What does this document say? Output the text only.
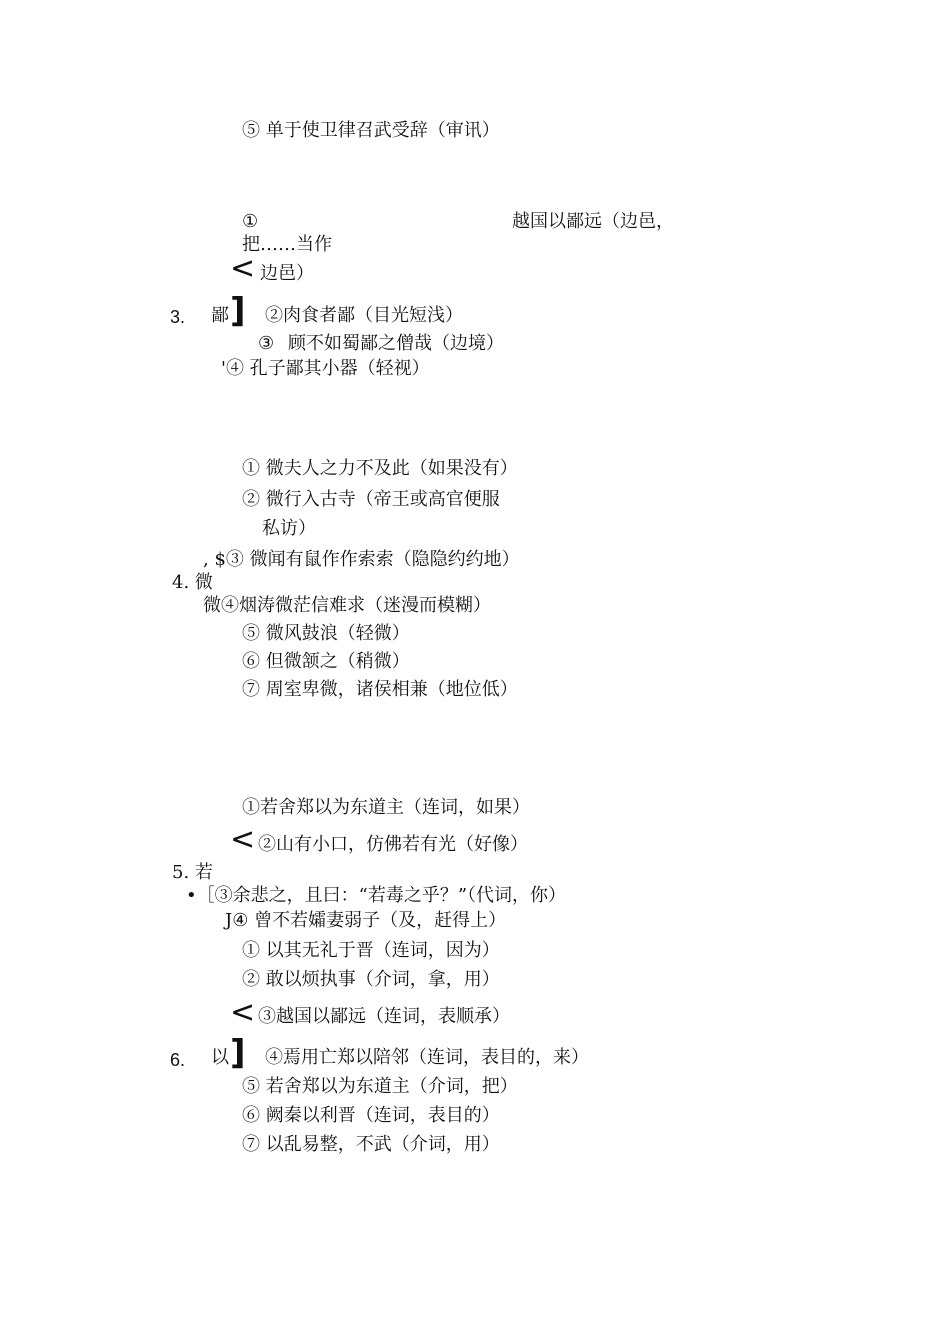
⑤ 单于使卫律召武受辞（审讯）
①	越国以鄙远（边邑，
把……当作
< 边邑）
3. 鄙 ] ②肉食者鄙（目光短浅）
③ 顾不如蜀鄙之僧哉（边境）
'④ 孔子鄙其小器（轻视）
① 微夫人之力不及此（如果没有）
② 微行入古寺（帝王或高官便服
私访）
, $③ 微闻有鼠作作索索（隐隐约约地）
4. 微
微④烟涛微茫信难求（迷漫而模糊）
⑤ 微风鼓浪（轻微）
⑥ 但微颔之（稍微）
⑦ 周室卑微，诸侯相兼（地位低）
①若舍郑以为东道主（连词，如果）
< ②山有小口，仿佛若有光（好像）
5. 若
•［③余悲之，且曰：“若毒之乎？”（代词，你）
J④ 曾不若孀妻弱子（及，赶得上）
① 以其无礼于晋（连词，因为）
② 敢以烦执事（介词，拿，用）
< ③越国以鄙远（连词，表顺承）
6. 以 ] ④焉用亡郑以陪邻（连词，表目的，来）
⑤ 若舍郑以为东道主（介词，把）
⑥ 阙秦以利晋（连词，表目的）
⑦ 以乱易整，不武（介词，用）
